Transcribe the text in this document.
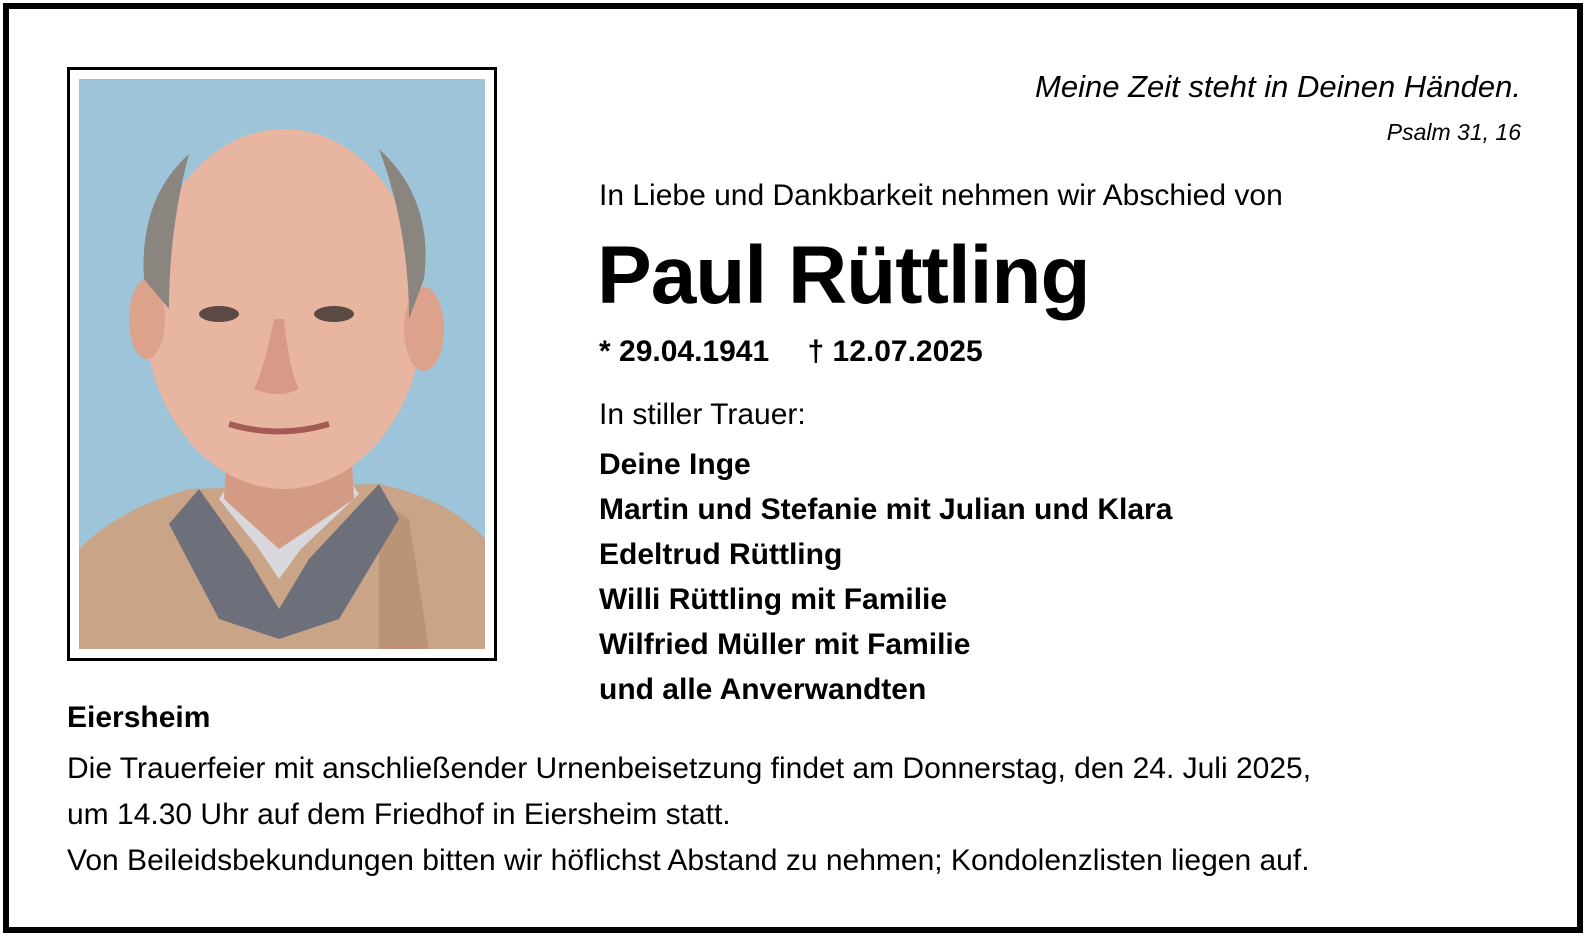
Meine Zeit steht in Deinen Händen.
Psalm 31, 16
In Liebe und Dankbarkeit nehmen wir Abschied von
Paul Rüttling
* 29.04.1941 † 12.07.2025
In stiller Trauer:
Deine Inge
Martin und Stefanie mit Julian und Klara
Edeltrud Rüttling
Willi Rüttling mit Familie
Wilfried Müller mit Familie
und alle Anverwandten
Eiersheim

Die Trauerfeier mit anschließender Urnenbeisetzung findet am Donnerstag, den 24. Juli 2025,

um 14.30 Uhr auf dem Friedhof in Eiersheim statt.

Von Beileidsbekundungen bitten wir höflichst Abstand zu nehmen; Kondolenzlisten liegen auf.
